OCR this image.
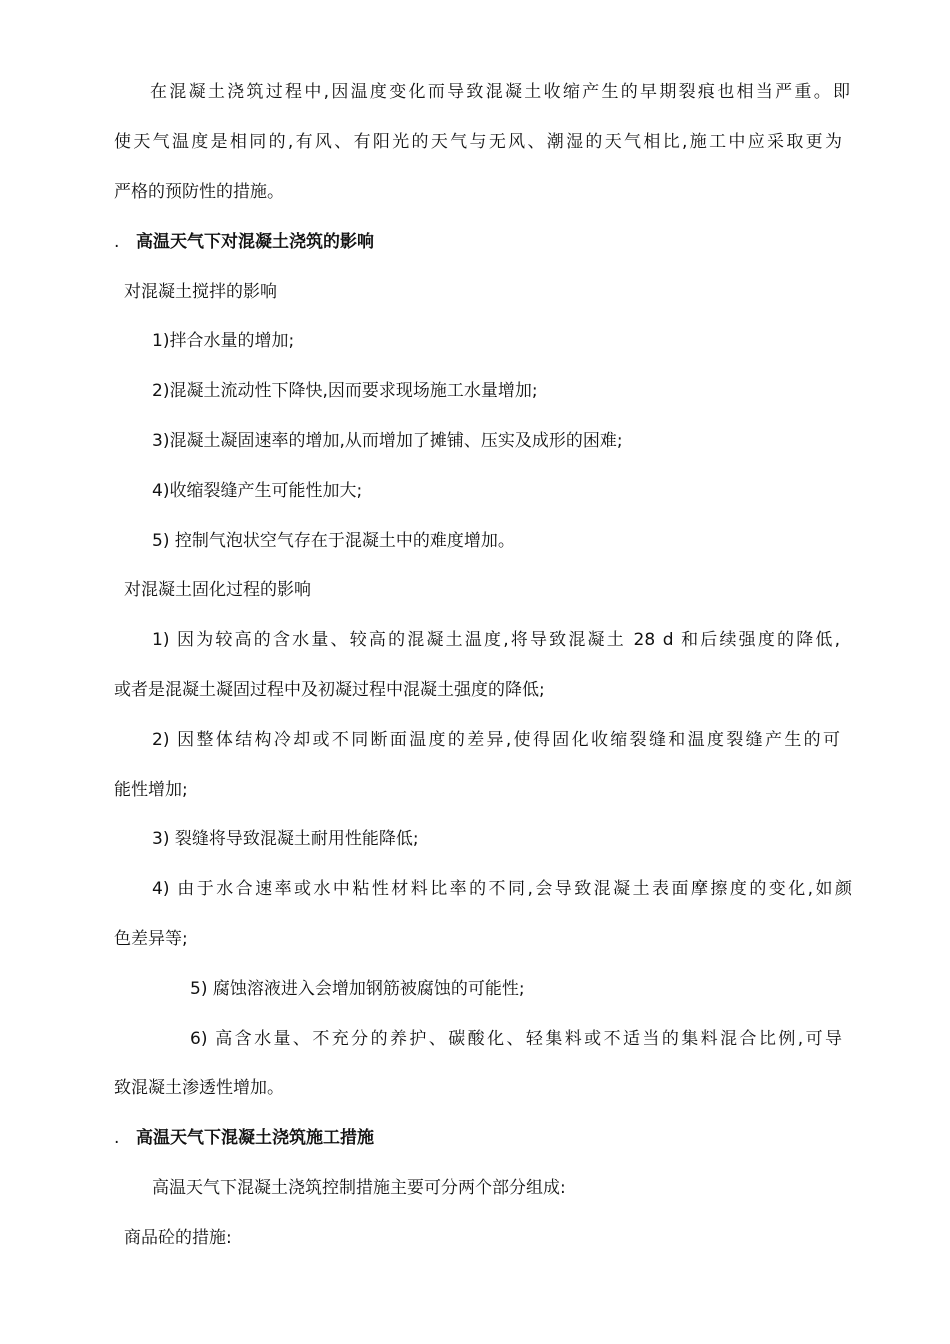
在混凝土浇筑过程中,因温度变化而导致混凝土收缩产生的早期裂痕也相当严重。即
使天气温度是相同的,有风、有阳光的天气与无风、潮湿的天气相比,施工中应采取更为
严格的预防性的措施。
. 高温天气下对混凝土浇筑的影响
对混凝土搅拌的影响
1)拌合水量的增加;
2)混凝土流动性下降快,因而要求现场施工水量增加;
3)混凝土凝固速率的增加,从而增加了摊铺、压实及成形的困难;
4)收缩裂缝产生可能性加大;
5) 控制气泡状空气存在于混凝土中的难度增加。
对混凝土固化过程的影响
1) 因为较高的含水量、较高的混凝土温度,将导致混凝土 28 d 和后续强度的降低,
或者是混凝土凝固过程中及初凝过程中混凝土强度的降低;
2) 因整体结构冷却或不同断面温度的差异,使得固化收缩裂缝和温度裂缝产生的可
能性增加;
3) 裂缝将导致混凝土耐用性能降低;
4) 由于水合速率或水中粘性材料比率的不同,会导致混凝土表面摩擦度的变化,如颜
色差异等;
5) 腐蚀溶液进入会增加钢筋被腐蚀的可能性;
6) 高含水量、不充分的养护、碳酸化、轻集料或不适当的集料混合比例,可导
致混凝土渗透性增加。
. 高温天气下混凝土浇筑施工措施
高温天气下混凝土浇筑控制措施主要可分两个部分组成:
商品砼的措施:
